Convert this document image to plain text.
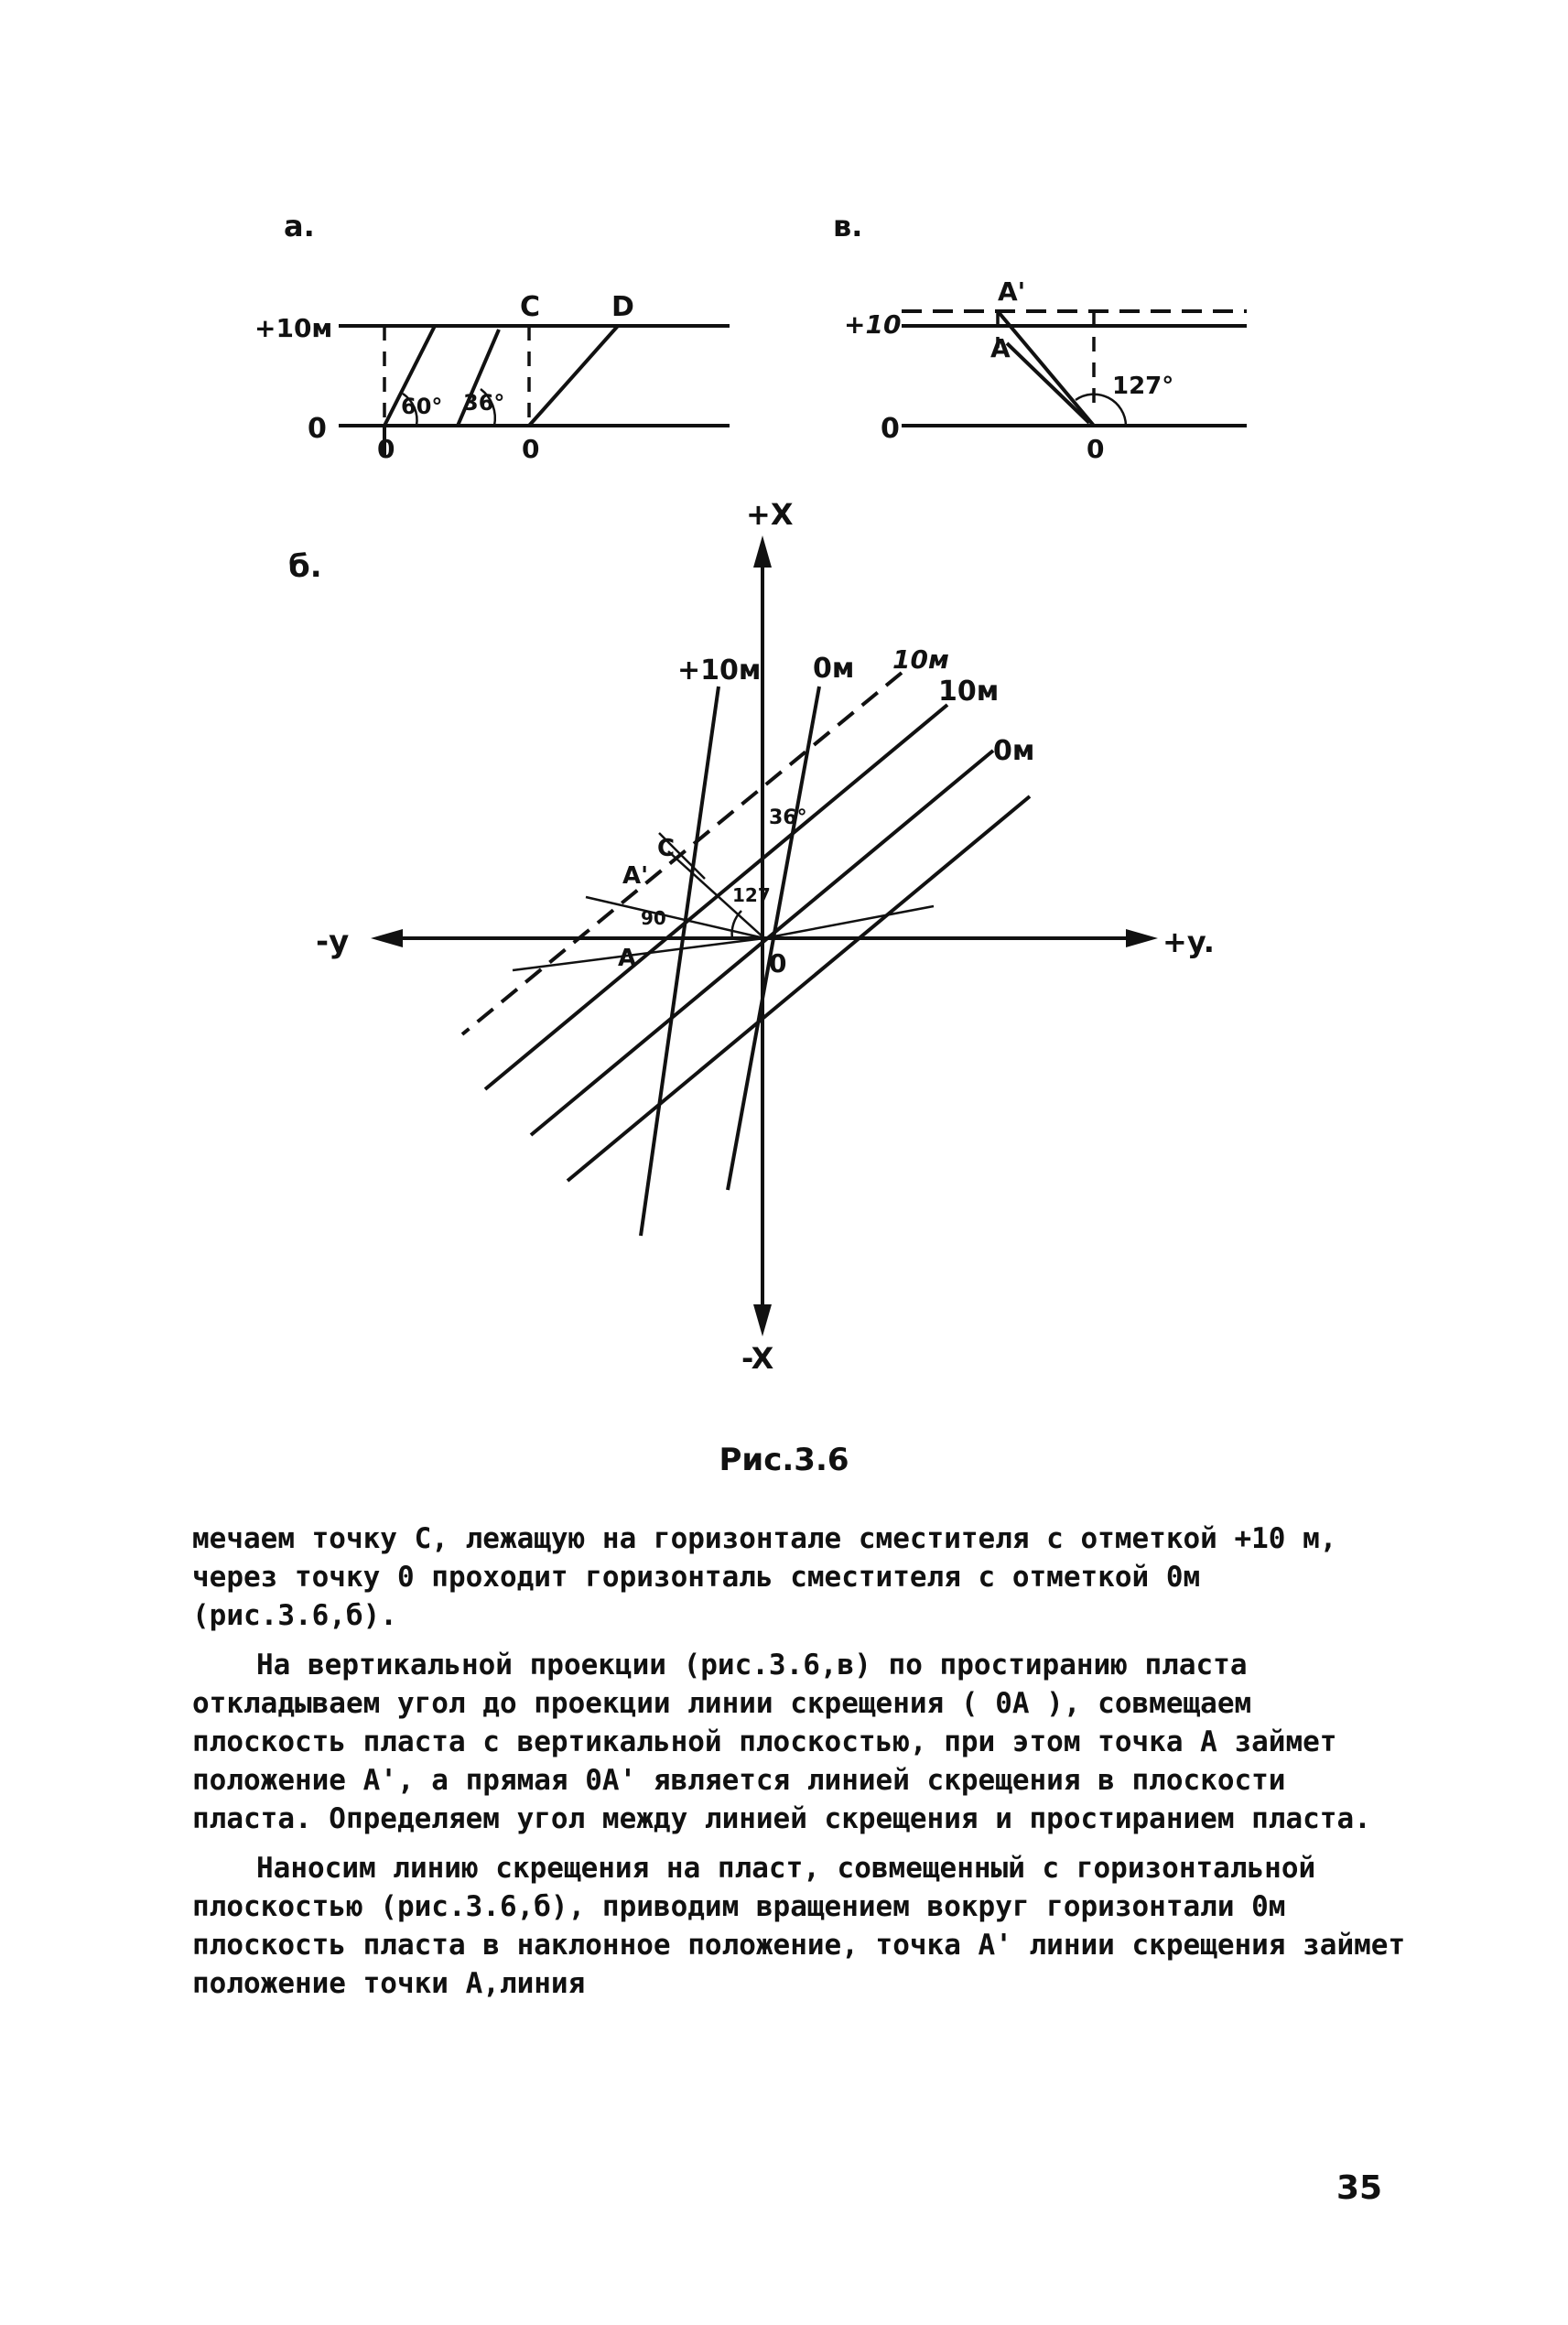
а.
+10м
0
C	D
60° 36°
0	0
в.
A'
A
+10
0
127°
0
б.
+X
-X
+y.
-y
+10м 0м 10м
10м
0м
A'
C
A	0
127
90
36°
Рис.3.6

мечаем точку С, лежащую на горизонтале сместителя с отметкой +10 м, через точку 0 проходит горизонталь сместителя с отметкой 0м (рис.3.6,б).

На вертикальной проекции (рис.3.6,в) по простиранию пласта откладываем угол до проекции линии скрещения ( 0A ), совмещаем плоскость пласта с вертикальной плоскостью, при этом точка A займет положение A', а прямая 0A' является линией скрещения в плоскости пласта. Определяем угол между линией скрещения и простиранием пласта.

Наносим линию скрещения на пласт, совмещенный с горизонтальной плоскостью (рис.3.6,б), приводим вращением вокруг горизонтали 0м плоскость пласта в наклонное положение, точка A' линии скрещения займет положение точки A,линия

35
